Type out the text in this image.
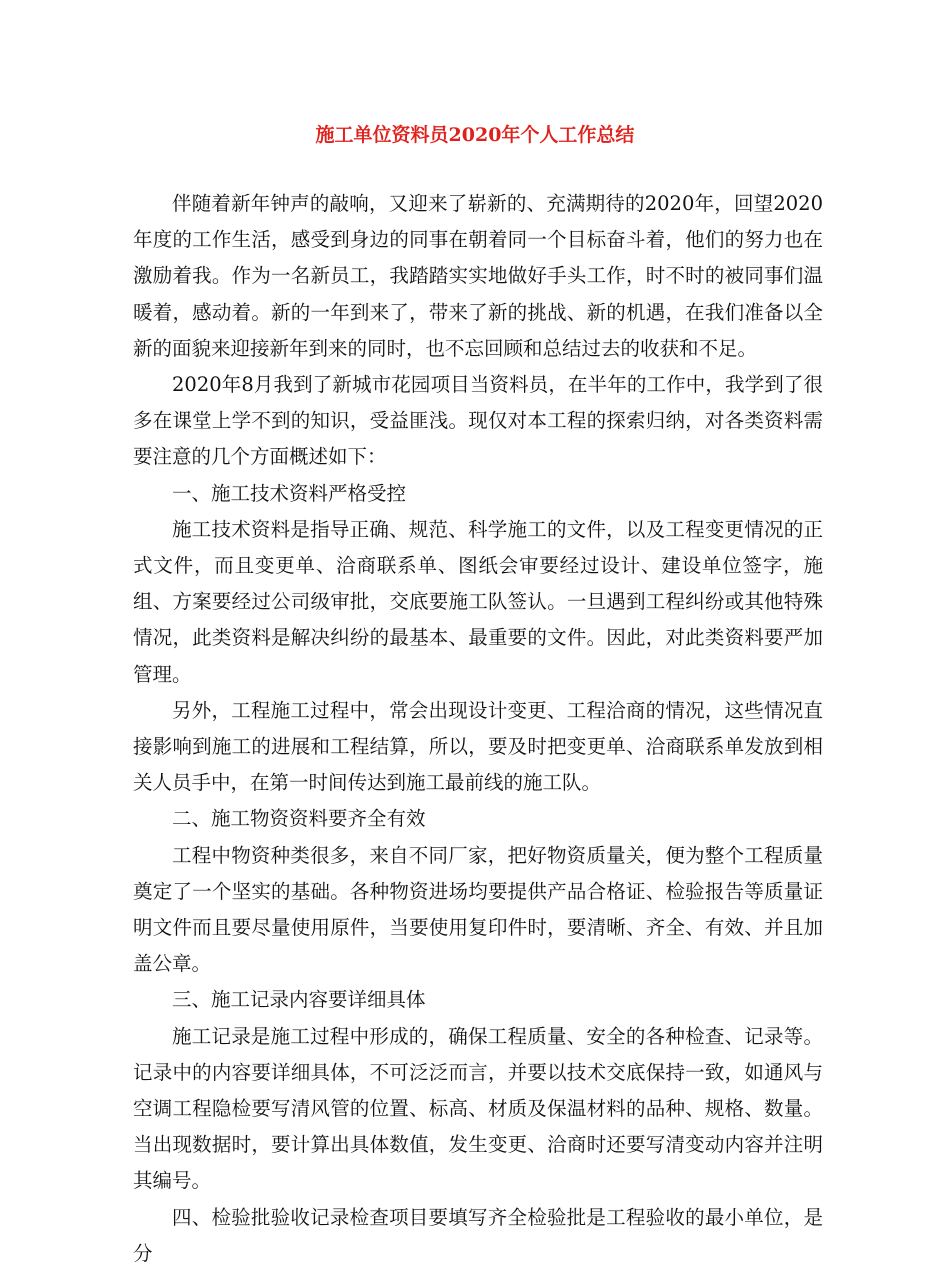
施工单位资料员2020年个人工作总结

伴随着新年钟声的敲响，又迎来了崭新的、充满期待的2020年，回望2020年度的工作生活，感受到身边的同事在朝着同一个目标奋斗着，他们的努力也在激励着我。作为一名新员工，我踏踏实实地做好手头工作，时不时的被同事们温暖着，感动着。新的一年到来了，带来了新的挑战、新的机遇，在我们准备以全新的面貌来迎接新年到来的同时，也不忘回顾和总结过去的收获和不足。

2020年8月我到了新城市花园项目当资料员，在半年的工作中，我学到了很多在课堂上学不到的知识，受益匪浅。现仅对本工程的探索归纳，对各类资料需要注意的几个方面概述如下：

一、施工技术资料严格受控

施工技术资料是指导正确、规范、科学施工的文件，以及工程变更情况的正式文件，而且变更单、洽商联系单、图纸会审要经过设计、建设单位签字，施组、方案要经过公司级审批，交底要施工队签认。一旦遇到工程纠纷或其他特殊情况，此类资料是解决纠纷的最基本、最重要的文件。因此，对此类资料要严加管理。

另外，工程施工过程中，常会出现设计变更、工程洽商的情况，这些情况直接影响到施工的进展和工程结算，所以，要及时把变更单、洽商联系单发放到相关人员手中，在第一时间传达到施工最前线的施工队。

二、施工物资资料要齐全有效

工程中物资种类很多，来自不同厂家，把好物资质量关，便为整个工程质量奠定了一个坚实的基础。各种物资进场均要提供产品合格证、检验报告等质量证明文件而且要尽量使用原件，当要使用复印件时，要清晰、齐全、有效、并且加盖公章。

三、施工记录内容要详细具体

施工记录是施工过程中形成的，确保工程质量、安全的各种检查、记录等。记录中的内容要详细具体，不可泛泛而言，并要以技术交底保持一致，如通风与空调工程隐检要写清风管的位置、标高、材质及保温材料的品种、规格、数量。当出现数据时，要计算出具体数值，发生变更、洽商时还要写清变动内容并注明其编号。

四、检验批验收记录检查项目要填写齐全检验批是工程验收的最小单位，是分
